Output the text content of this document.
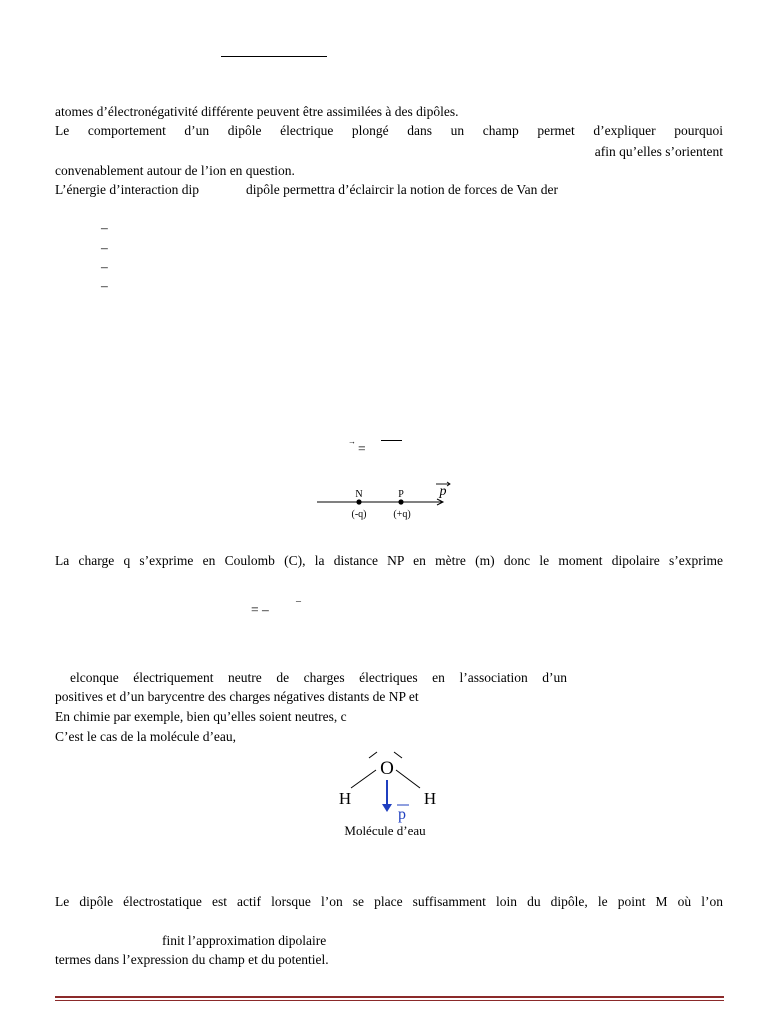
atomes d’électronégativité différente peuvent être assimilées à des dipôles.
Le comportement d’un dipôle électrique plongé dans un champ permet d’expliquer pourquoi
afin qu’elles s’orientent
convenablement autour de l’ion en question.
L’énergie d’interaction dip	dipôle permettra d’éclaircir la notion de forces de Van der
–
–
–
–
→ =
N	P
(-q)	(+q)
p
La charge q s’exprime en Coulomb (C), la distance NP en mètre (m) donc le moment dipolaire s’exprime
= –
–
elconque électriquement neutre de charges électriques en l’association d’un
positives et d’un barycentre des charges négatives distants de NP et
En chimie par exemple, bien qu’elles soient neutres, c
C’est le cas de la molécule d’eau,
O
H	H
p
Molécule d’eau
Le dipôle électrostatique est actif lorsque l’on se place suffisamment loin du dipôle, le point M où l’on
finit l’approximation dipolaire
termes dans l’expression du champ et du potentiel.
